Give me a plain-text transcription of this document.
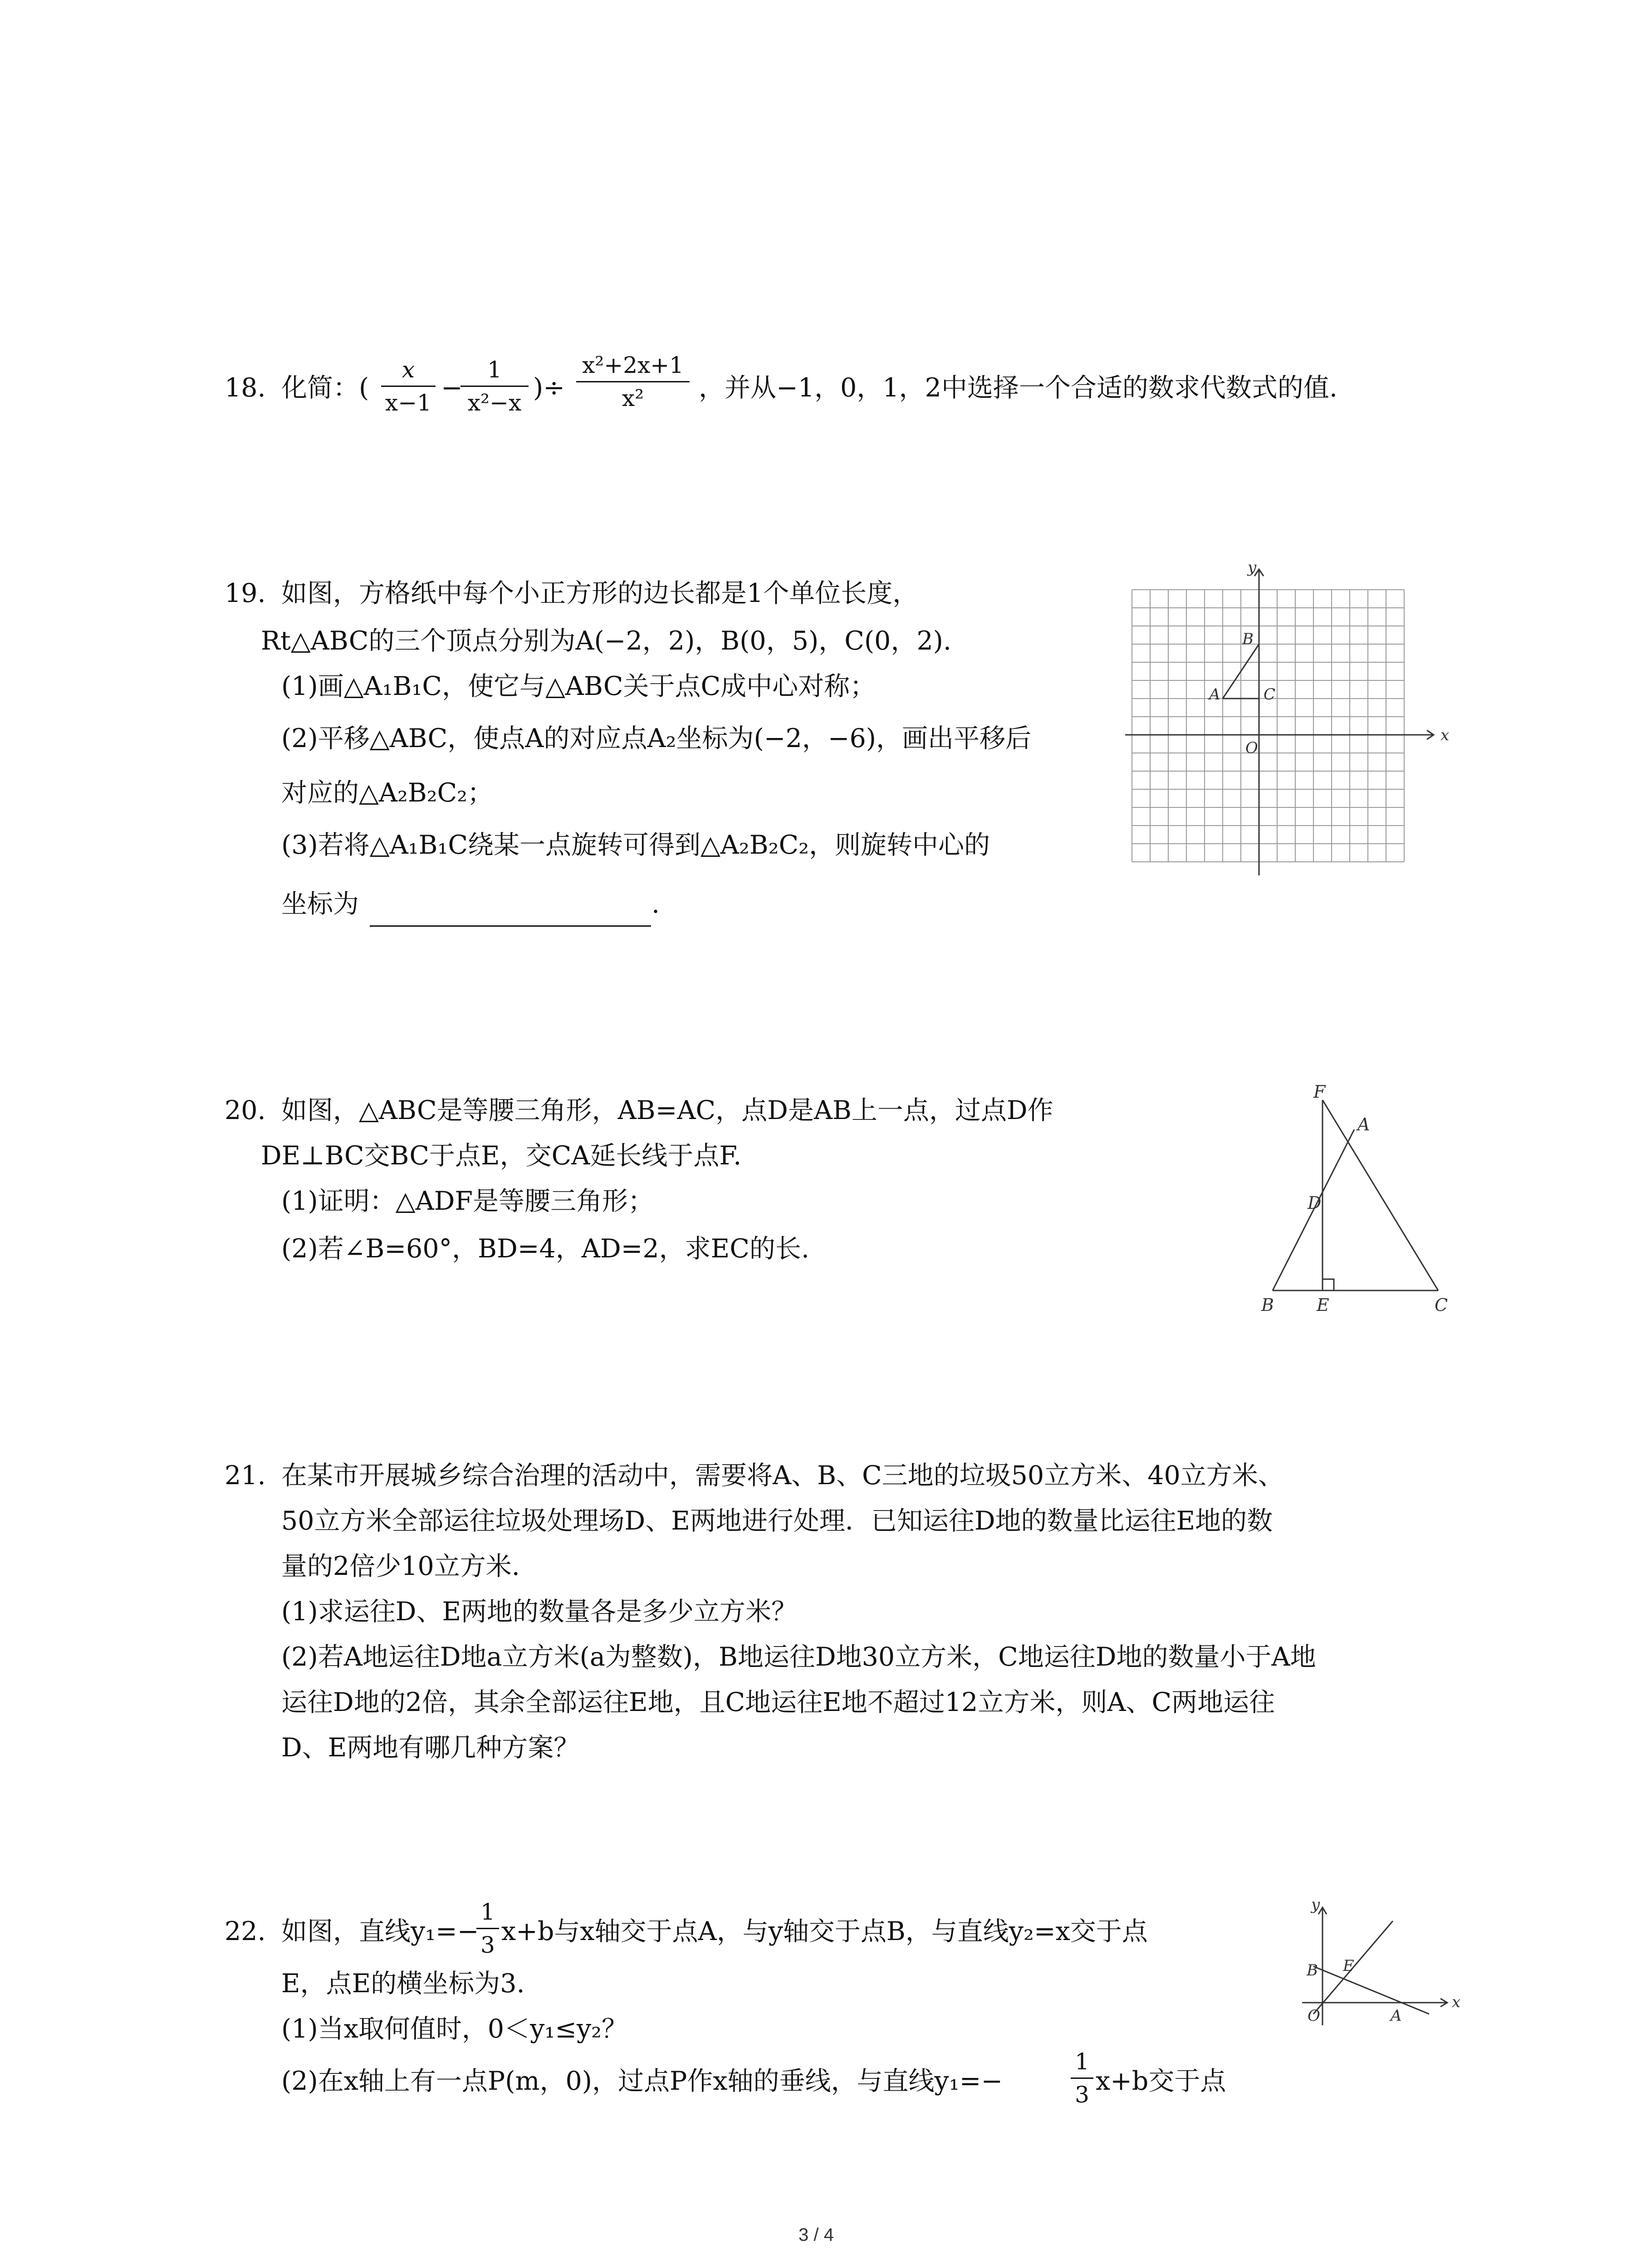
18. 化简：(
x
x−1 −
1
x²−x )÷
x²+2x+1
x²	，并从−1，0，1，2中选择一个合适的数求代数式的值.
19. 如图，方格纸中每个小正方形的边长都是1个单位长度，
Rt△ABC的三个顶点分别为A(−2，2)，B(0，5)，C(0，2).
(1)画△A₁B₁C，使它与△ABC关于点C成中心对称；
(2)平移△ABC，使点A的对应点A₂坐标为(−2，−6)，画出平移后
对应的△A₂B₂C₂；
(3)若将△A₁B₁C绕某一点旋转可得到△A₂B₂C₂，则旋转中心的
坐标为	.
y
x
B
A	C
O
20. 如图，△ABC是等腰三角形，AB=AC，点D是AB上一点，过点D作
DE⊥BC交BC于点E，交CA延长线于点F.
(1)证明：△ADF是等腰三角形；
(2)若∠B=60°，BD=4，AD=2，求EC的长.
F
A
D
B E	C
21. 在某市开展城乡综合治理的活动中，需要将A、B、C三地的垃圾50立方米、40立方米、
50立方米全部运往垃圾处理场D、E两地进行处理．已知运往D地的数量比运往E地的数
量的2倍少10立方米.
(1)求运往D、E两地的数量各是多少立方米？
(2)若A地运往D地a立方米(a为整数)，B地运往D地30立方米，C地运往D地的数量小于A地
运往D地的2倍，其余全部运往E地，且C地运往E地不超过12立方米，则A、C两地运往
D、E两地有哪几种方案？
22. 如图，直线y₁=−
1
3 x+b与x轴交于点A，与y轴交于点B，与直线y₂=x交于点
E，点E的横坐标为3.
(1)当x取何值时，0＜y₁≤y₂？
(2)在x轴上有一点P(m，0)，过点P作x轴的垂线，与直线y₁=−
1
3 x+b交于点
y
x
B E
O	A
3 / 4
